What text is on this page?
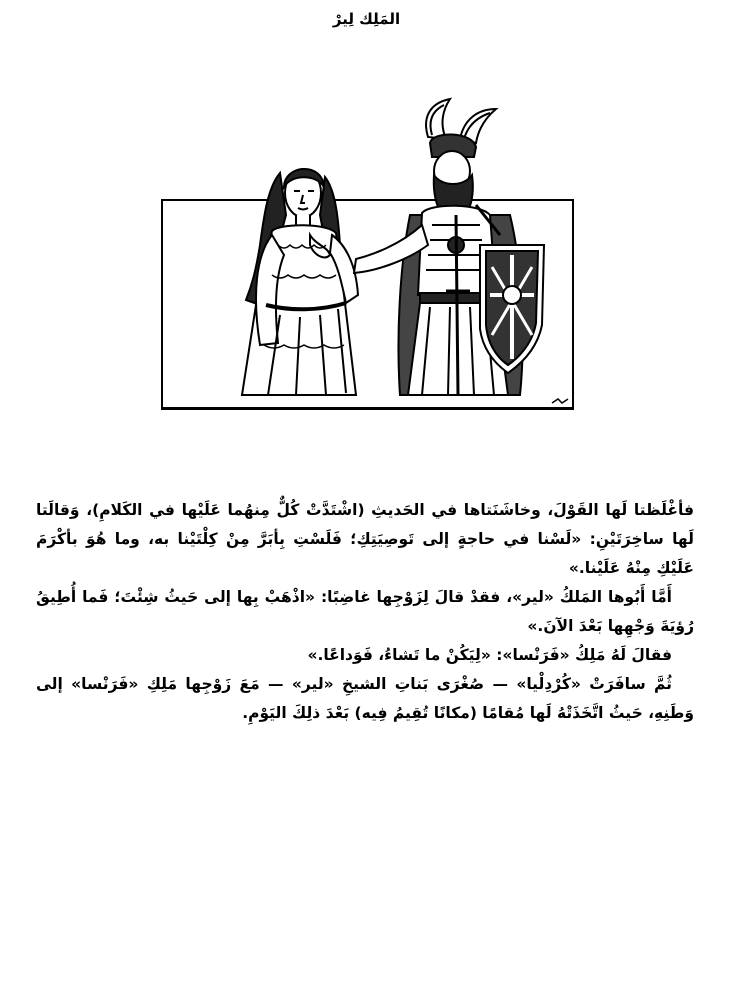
المَلِك لِيرْ

فأغْلَظتا لَها القَوْلَ، وخاشَنَتاها في الحَديثِ (اشْتَدَّتْ كُلٌّ مِنهُما عَلَيْها في الكَلامِ)، وَقالَتا لَها ساخِرَتَيْنِ: «لَسْنا في حاجةٍ إلى تَوصِيَتِكِ؛ فَلَسْتِ بِأبَرَّ مِنْ كِلْتَيْنا به، وما هُوَ بأكْرَمَ عَلَيْكِ مِنْهُ عَلَيْنا.»

أَمَّا أَبُوها المَلكُ «لير»، فقدْ قالَ لِزَوْجِها غاضِبًا: «اذْهَبْ بِها إلى حَيثُ شِئْتَ؛ فَما أُطِيقُ رُؤيَةَ وَجْهِها بَعْدَ الآنَ.»

فقالَ لَهُ مَلِكُ «فَرَنْسا»: «لِيَكُنْ ما تَشاءُ، فَوَداعًا.»

ثُمَّ سافَرَتْ «كُرْدِلْيا» — صُغْرَى بَناتِ الشيخِ «لير» — مَعَ زَوْجِها مَلِكِ «فَرَنْسا» إلى وَطَنِهِ، حَيثُ اتَّخَذَتْهُ لَها مُقامًا (مكانًا تُقِيمُ فِيه) بَعْدَ ذلِكَ اليَوْمِ.
